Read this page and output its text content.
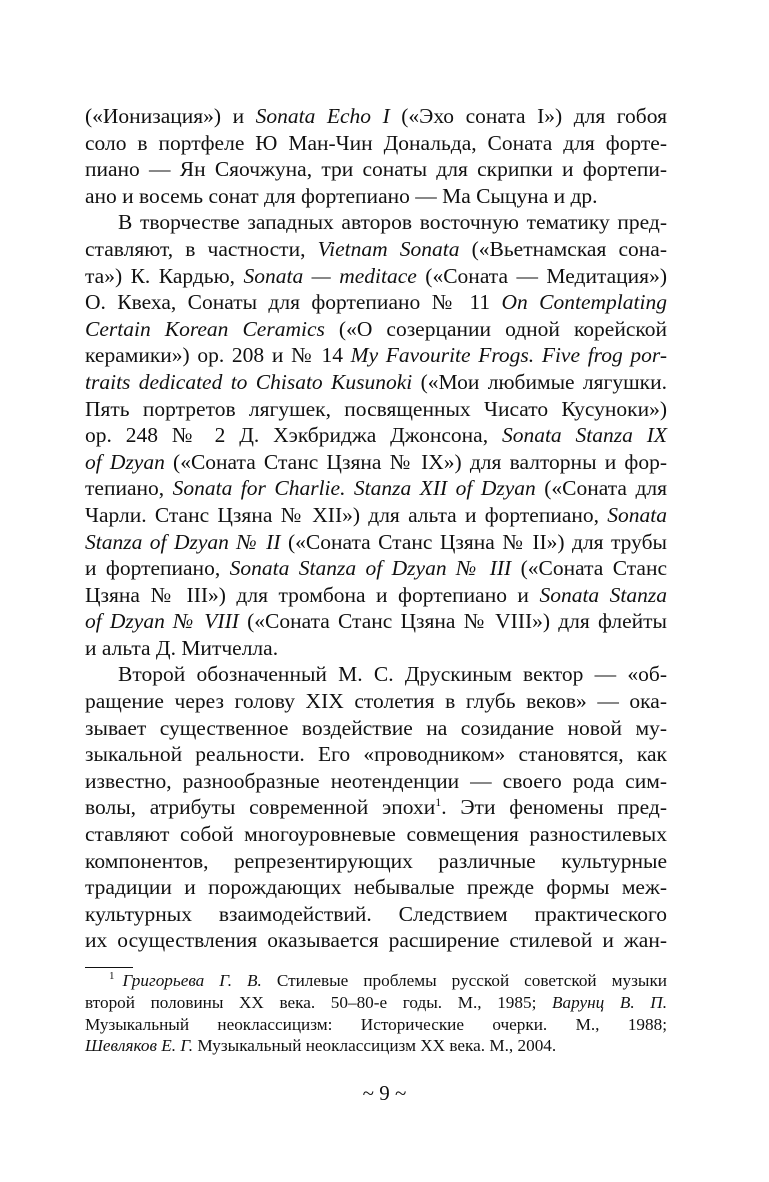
(«Ионизация») и Sonata Echo I («Эхо соната I») для гобоя
соло в портфеле Ю Ман-Чин Дональда, Соната для форте-
пиано — Ян Сяочжуна, три сонаты для скрипки и фортепи-
ано и восемь сонат для фортепиано — Ма Сыцуна и др.
В творчестве западных авторов восточную тематику пред-
ставляют, в частности, Vietnam Sonata («Вьетнамская сона-
та») К. Кардью, Sonata — meditace («Соната — Медитация»)
О. Квеха, Сонаты для фортепиано № 11 On Contemplating
Certain Korean Ceramics («О созерцании одной корейской
керамики») op. 208 и № 14 My Favourite Frogs. Five frog por-
traits dedicated to Chisato Kusunoki («Мои любимые лягушки.
Пять портретов лягушек, посвященных Чисато Кусуноки»)
op. 248 № 2 Д. Хэкбриджа Джонсона, Sonata Stanza IX
of Dzyan («Соната Станс Цзяна № IX») для валторны и фор-
тепиано, Sonata for Charlie. Stanza XII of Dzyan («Соната для
Чарли. Станс Цзяна № XII») для альта и фортепиано, Sonata
Stanza of Dzyan № II («Соната Станс Цзяна № II») для трубы
и фортепиано, Sonata Stanza of Dzyan № III («Соната Станс
Цзяна № III») для тромбона и фортепиано и Sonata Stanza
of Dzyan № VIII («Соната Станс Цзяна № VIII») для флейты
и альта Д. Митчелла.
Второй обозначенный М. С. Друскиным вектор — «об-
ращение через голову XIX столетия в глубь веков» — ока-
зывает существенное воздействие на созидание новой му-
зыкальной реальности. Его «проводником» становятся, как
известно, разнообразные неотенденции — своего рода сим-
волы, атрибуты современной эпохи$^1$. Эти феномены пред-
ставляют собой многоуровневые совмещения разностилевых
компонентов, репрезентирующих различные культурные
традиции и порождающих небывалые прежде формы меж-
культурных взаимодействий. Следствием практического
их осуществления оказывается расширение стилевой и жан-
1 Григорьева Г. В. Стилевые проблемы русской советской музыки
второй половины XX века. 50–80-е годы. М., 1985; Варунц В. П.
Музыкальный неоклассицизм: Исторические очерки. М., 1988;
Шевляков Е. Г. Музыкальный неоклассицизм XX века. М., 2004.
~ 9 ~
